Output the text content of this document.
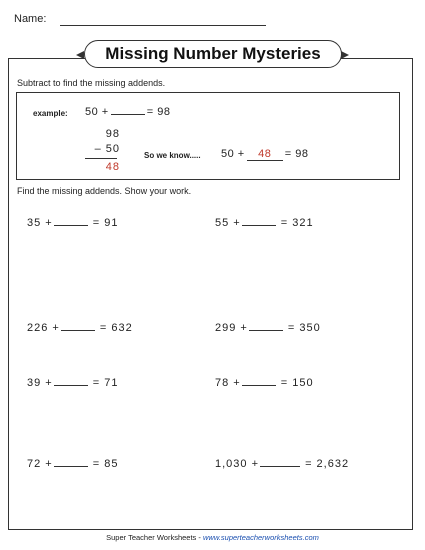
Name:
Missing Number Mysteries
Subtract to find the missing addends.
example: 50 +	= 98
98
– 50
48
So we know..... 50 + 48 = 98
Find the missing addends. Show your work.
35 +	= 91	55 +	= 321
226 +	= 632	299 +	= 350
39 +	= 71	78 +	= 150
72 +	= 85	1,030 +	= 2,632
Super Teacher Worksheets - www.superteacherworksheets.com
